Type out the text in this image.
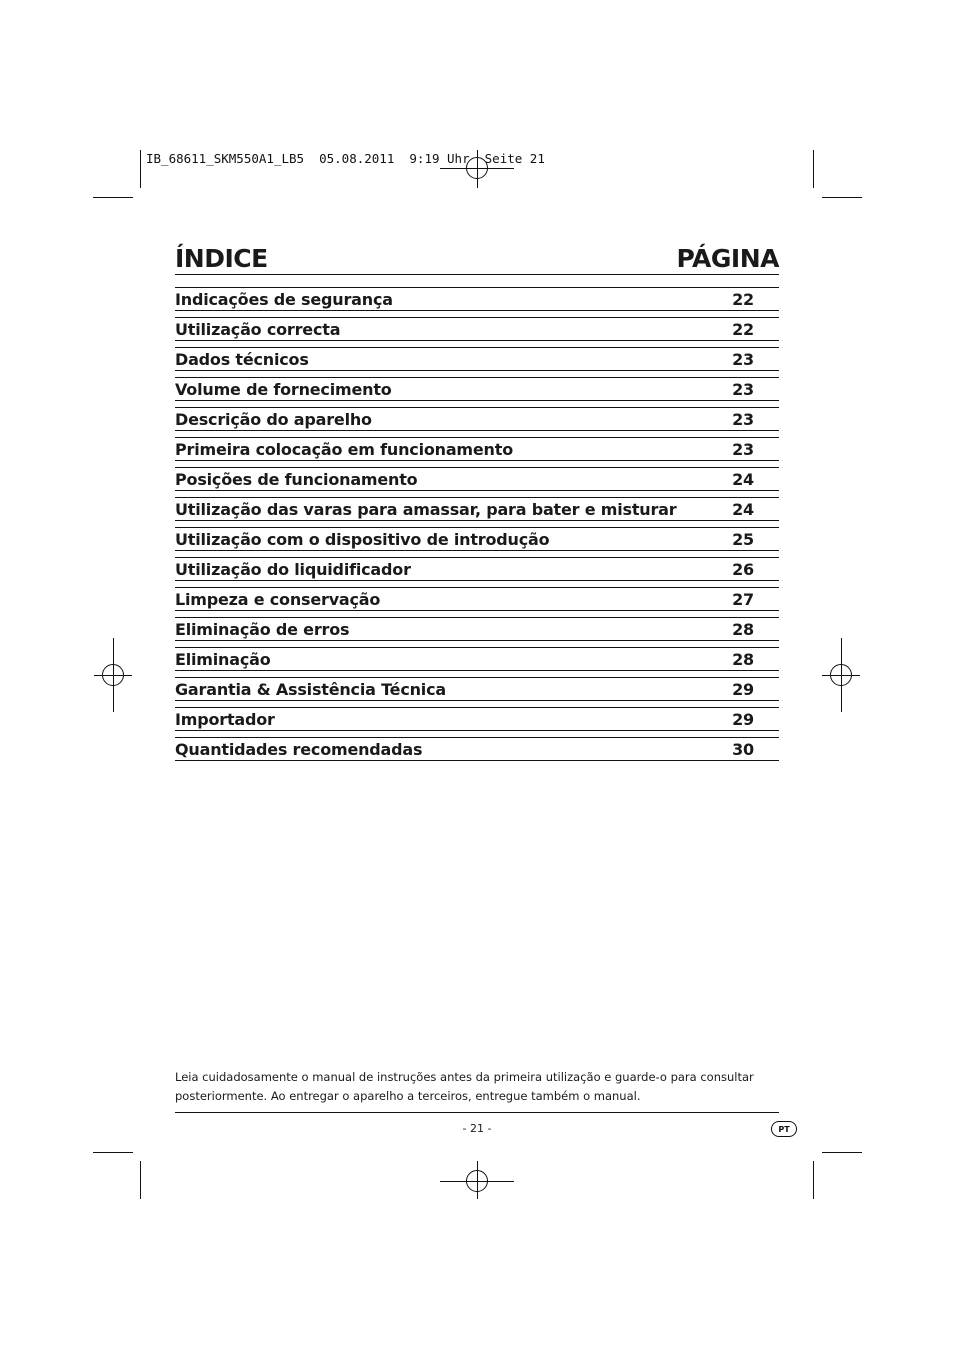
IB_68611_SKM550A1_LB5  05.08.2011  9:19 Uhr  Seite 21
ÍNDICE	PÁGINA
Indicações de segurança	22
Utilização correcta	22
Dados técnicos	23
Volume de fornecimento	23
Descrição do aparelho	23
Primeira colocação em funcionamento	23
Posições de funcionamento	24
Utilização das varas para amassar, para bater e misturar	24
Utilização com o dispositivo de introdução	25
Utilização do liquidificador	26
Limpeza e conservação	27
Eliminação de erros	28
Eliminação	28
Garantia & Assistência Técnica	29
Importador	29
Quantidades recomendadas	30
Leia cuidadosamente o manual de instruções antes da primeira utilização e guarde-o para consultar
posteriormente. Ao entregar o aparelho a terceiros, entregue também o manual.
- 21 -	PT
